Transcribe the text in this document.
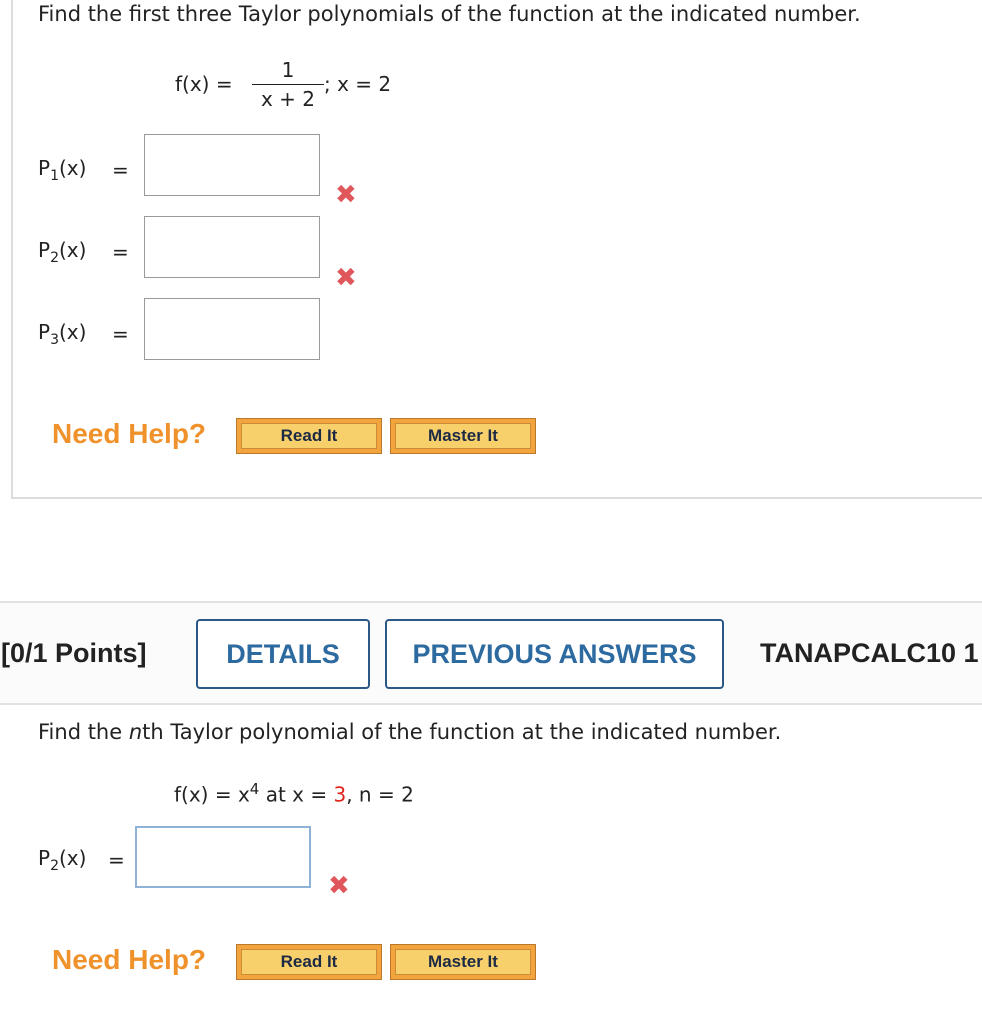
Find the first three Taylor polynomials of the function at the indicated number.
f(x) =
1
x + 2
; x = 2
$P_1(x)$ =
✖
$P_2(x)$ =
✖
$P_3(x)$ =
Need Help?	Read It	Master It
[0/1 Points]	DETAILS	PREVIOUS ANSWERS	TANAPCALC10 1
Find the nth Taylor polynomial of the function at the indicated number.
$f(x) = x^4$ at x = 3, n = 2
$P_2(x)$ =
✖
Need Help?	Read It	Master It
